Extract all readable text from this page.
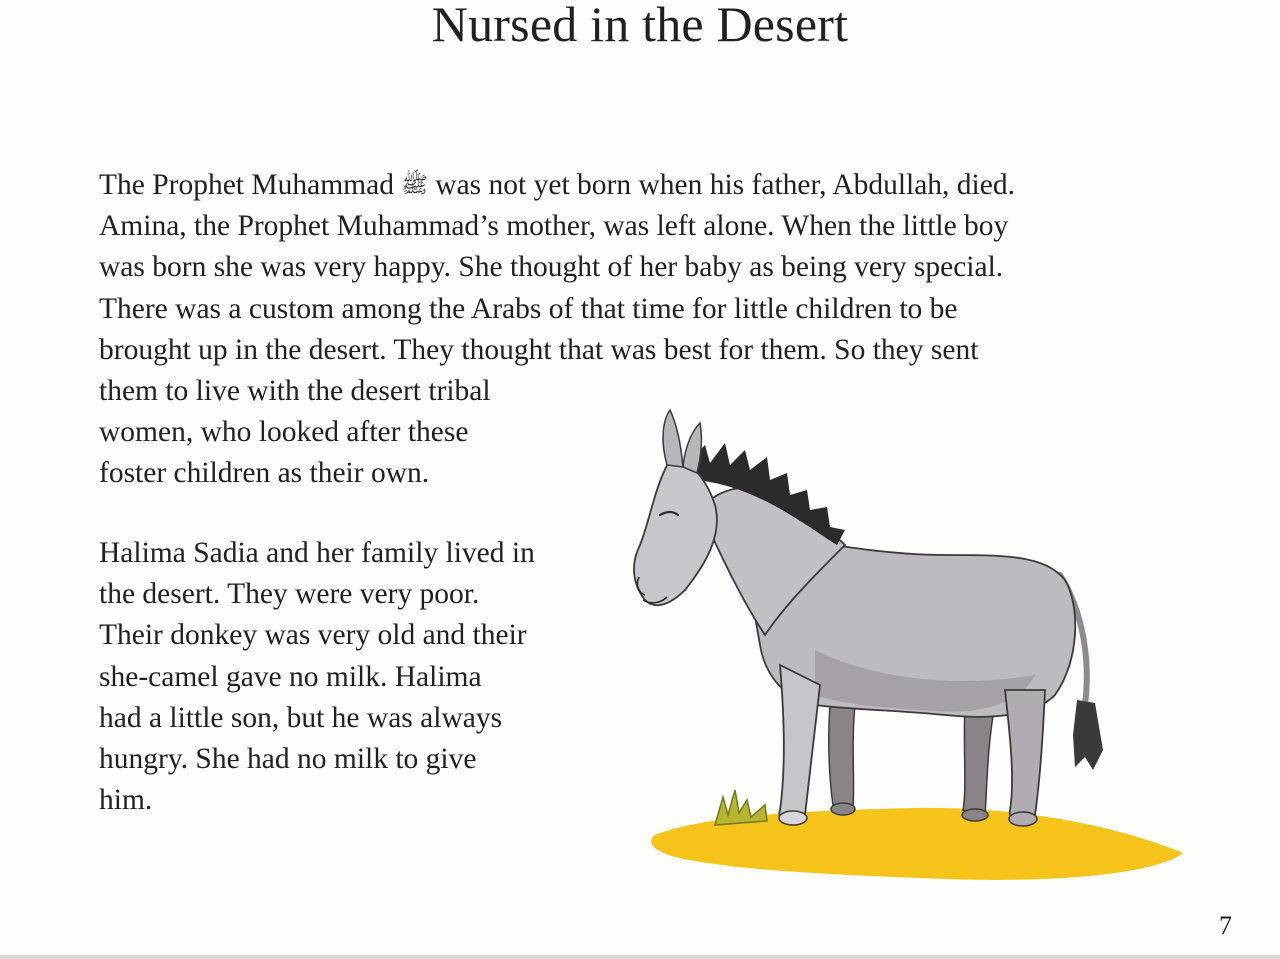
Nursed in the Desert
The Prophet Muhammad ﷺ was not yet born when his father, Abdullah, died.
Amina, the Prophet Muhammad’s mother, was left alone. When the little boy
was born she was very happy. She thought of her baby as being very special.
There was a custom among the Arabs of that time for little children to be
brought up in the desert. They thought that was best for them. So they sent
them to live with the desert tribal
women, who looked after these
foster children as their own.
Halima Sadia and her family lived in
the desert. They were very poor.
Their donkey was very old and their
she-camel gave no milk. Halima
had a little son, but he was always
hungry. She had no milk to give
him.
7
